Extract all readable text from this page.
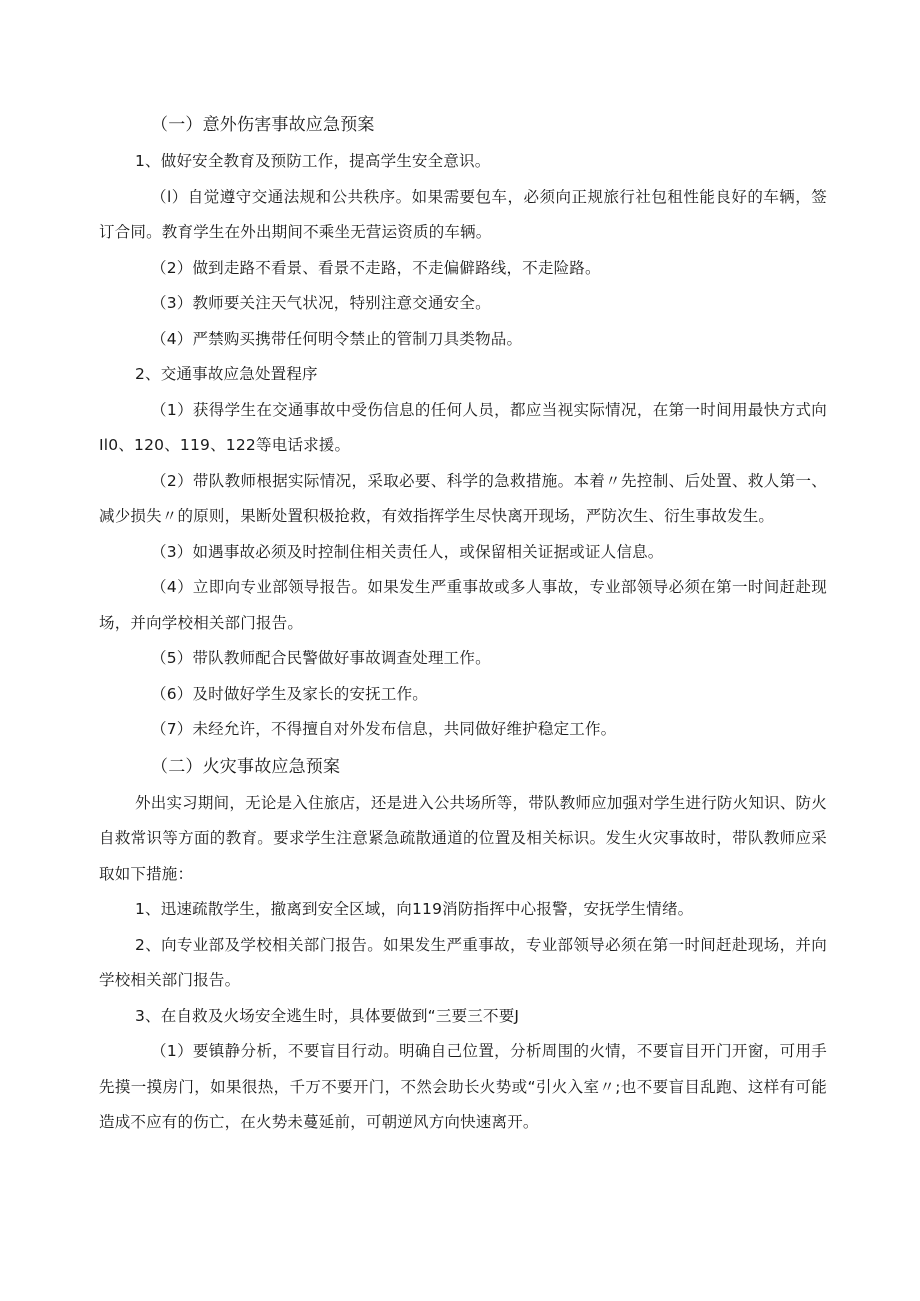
（一）意外伤害事故应急预案

1、做好安全教育及预防工作，提高学生安全意识。

（l）自觉遵守交通法规和公共秩序。如果需要包车，必须向正规旅行社包租性能良好的车辆，签订合同。教育学生在外出期间不乘坐无营运资质的车辆。

（2）做到走路不看景、看景不走路，不走偏僻路线，不走险路。

（3）教师要关注天气状况，特别注意交通安全。

（4）严禁购买携带任何明令禁止的管制刀具类物品。

2、交通事故应急处置程序

（1）获得学生在交通事故中受伤信息的任何人员，都应当视实际情况，在第一时间用最快方式向Il0、120、119、122等电话求援。

（2）带队教师根据实际情况，采取必要、科学的急救措施。本着〃先控制、后处置、救人第一、减少损失〃的原则，果断处置积极抢救，有效指挥学生尽快离开现场，严防次生、衍生事故发生。

（3）如遇事故必须及时控制住相关责任人，或保留相关证据或证人信息。

（4）立即向专业部领导报告。如果发生严重事故或多人事故，专业部领导必须在第一时间赶赴现场，并向学校相关部门报告。

（5）带队教师配合民警做好事故调查处理工作。

（6）及时做好学生及家长的安抚工作。

（7）未经允许，不得擅自对外发布信息，共同做好维护稳定工作。

（二）火灾事故应急预案

外出实习期间，无论是入住旅店，还是进入公共场所等，带队教师应加强对学生进行防火知识、防火自救常识等方面的教育。要求学生注意紧急疏散通道的位置及相关标识。发生火灾事故时，带队教师应采取如下措施：

1、迅速疏散学生，撤离到安全区域，向119消防指挥中心报警，安抚学生情绪。

2、向专业部及学校相关部门报告。如果发生严重事故，专业部领导必须在第一时间赶赴现场，并向学校相关部门报告。

3、在自救及火场安全逃生时，具体要做到“三要三不要J

（1）要镇静分析，不要盲目行动。明确自己位置，分析周围的火情，不要盲目开门开窗，可用手先摸一摸房门，如果很热，千万不要开门，不然会助长火势或“引火入室〃;也不要盲目乱跑、这样有可能造成不应有的伤亡，在火势未蔓延前，可朝逆风方向快速离开。
